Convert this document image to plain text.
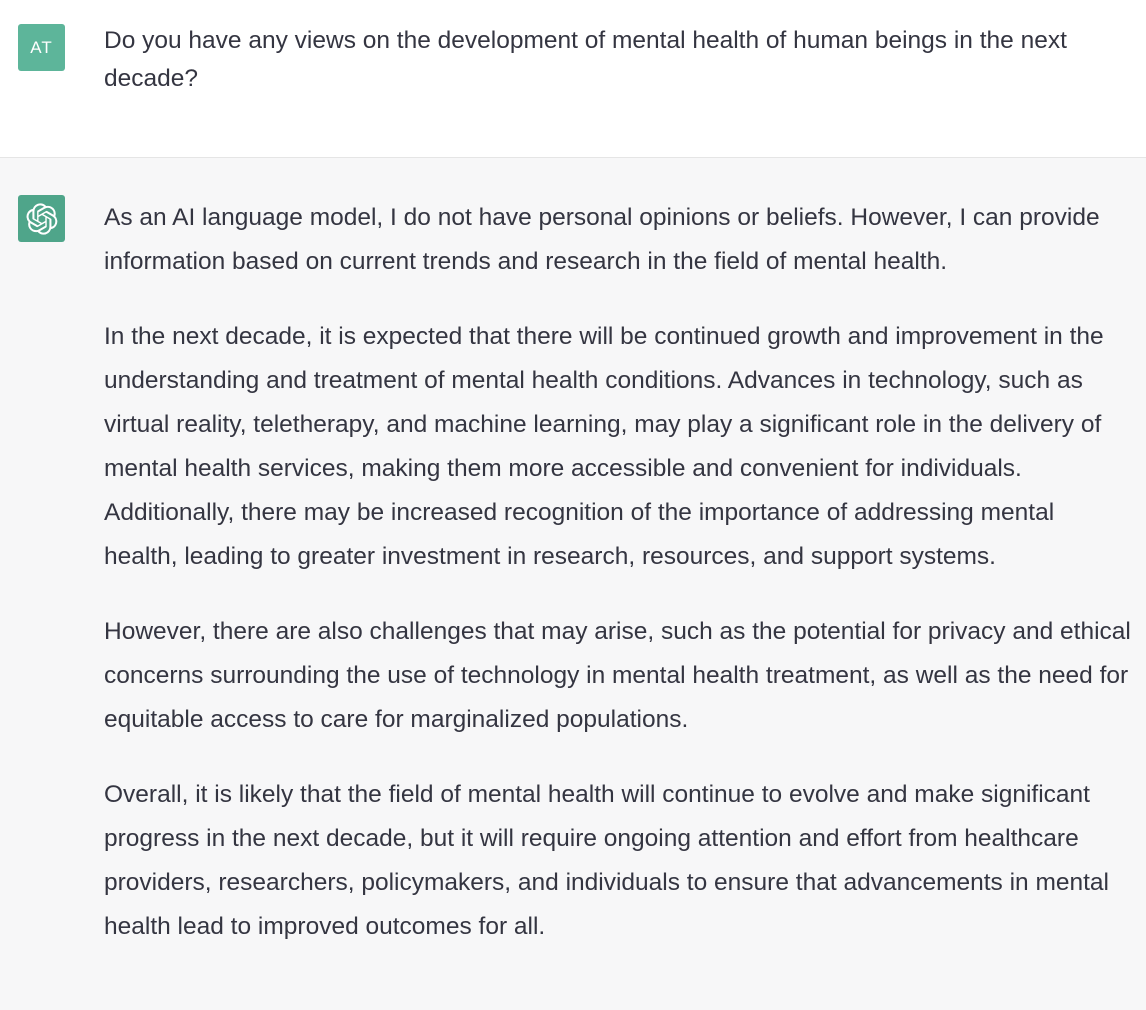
AT Do you have any views on the development of mental health of human beings in the next decade?

As an AI language model, I do not have personal opinions or beliefs. However, I can provide information based on current trends and research in the field of mental health.

In the next decade, it is expected that there will be continued growth and improvement in the understanding and treatment of mental health conditions. Advances in technology, such as virtual reality, teletherapy, and machine learning, may play a significant role in the delivery of mental health services, making them more accessible and convenient for individuals. Additionally, there may be increased recognition of the importance of addressing mental health, leading to greater investment in research, resources, and support systems.

However, there are also challenges that may arise, such as the potential for privacy and ethical concerns surrounding the use of technology in mental health treatment, as well as the need for equitable access to care for marginalized populations.

Overall, it is likely that the field of mental health will continue to evolve and make significant progress in the next decade, but it will require ongoing attention and effort from healthcare providers, researchers, policymakers, and individuals to ensure that advancements in mental health lead to improved outcomes for all.
